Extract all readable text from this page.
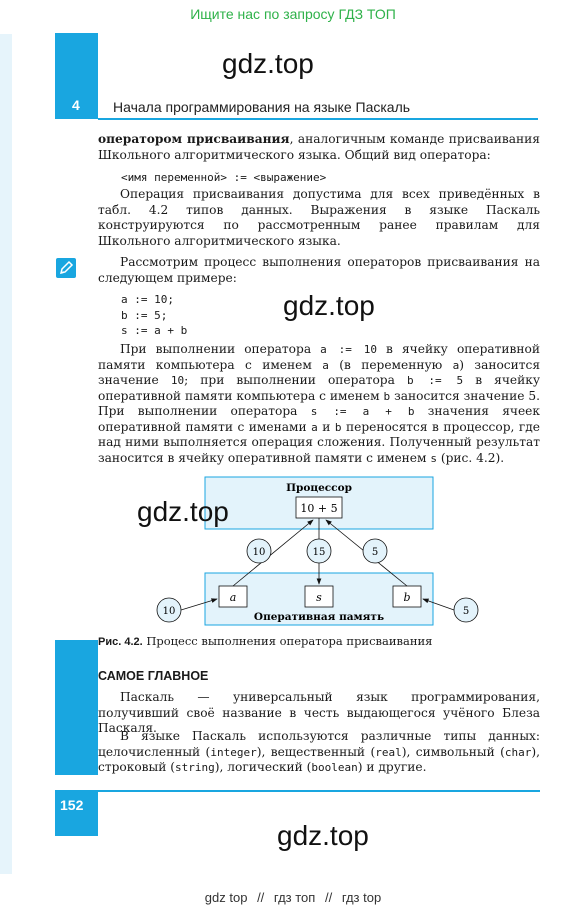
Ищите нас по запросу ГДЗ ТОП
4 Начала программирования на языке Паскаль
gdz.top
оператором присваивания, аналогичным команде присваивания Школьного алгоритмического языка. Общий вид оператора:
<имя переменной> := <выражение>
Операция присваивания допустима для всех приведённых в табл. 4.2 типов данных. Выражения в языке Паскаль конструируются по рассмотренным ранее правилам для Школьного алгоритмического языка.
Рассмотрим процесс выполнения операторов присваивания на следующем примере:
a := 10;
b := 5;
s := a + b
gdz.top
При выполнении оператора a := 10 в ячейку оперативной памяти компьютера с именем a (в переменную a) заносится значение 10; при выполнении оператора b := 5 в ячейку оперативной памяти компьютера с именем b заносится значение 5. При выполнении оператора s := a + b значения ячеек оперативной памяти с именами a и b переносятся в процессор, где над ними выполняется операция сложения. Полученный результат заносится в ячейку оперативной памяти с именем s (рис. 4.2).
Процессор
10 + 5
a	s	b
Оперативная память
10	15	5
10	5
gdz.top
Рис. 4.2. Процесс выполнения оператора присваивания
САМОЕ ГЛАВНОЕ
Паскаль — универсальный язык программирования, получивший своё название в честь выдающегося учёного Блеза Паскаля.
В языке Паскаль используются различные типы данных: целочисленный (integer), вещественный (real), символьный (char), строковый (string), логический (boolean) и другие.
152
gdz.top
gdz top // гдз топ // гдз top
